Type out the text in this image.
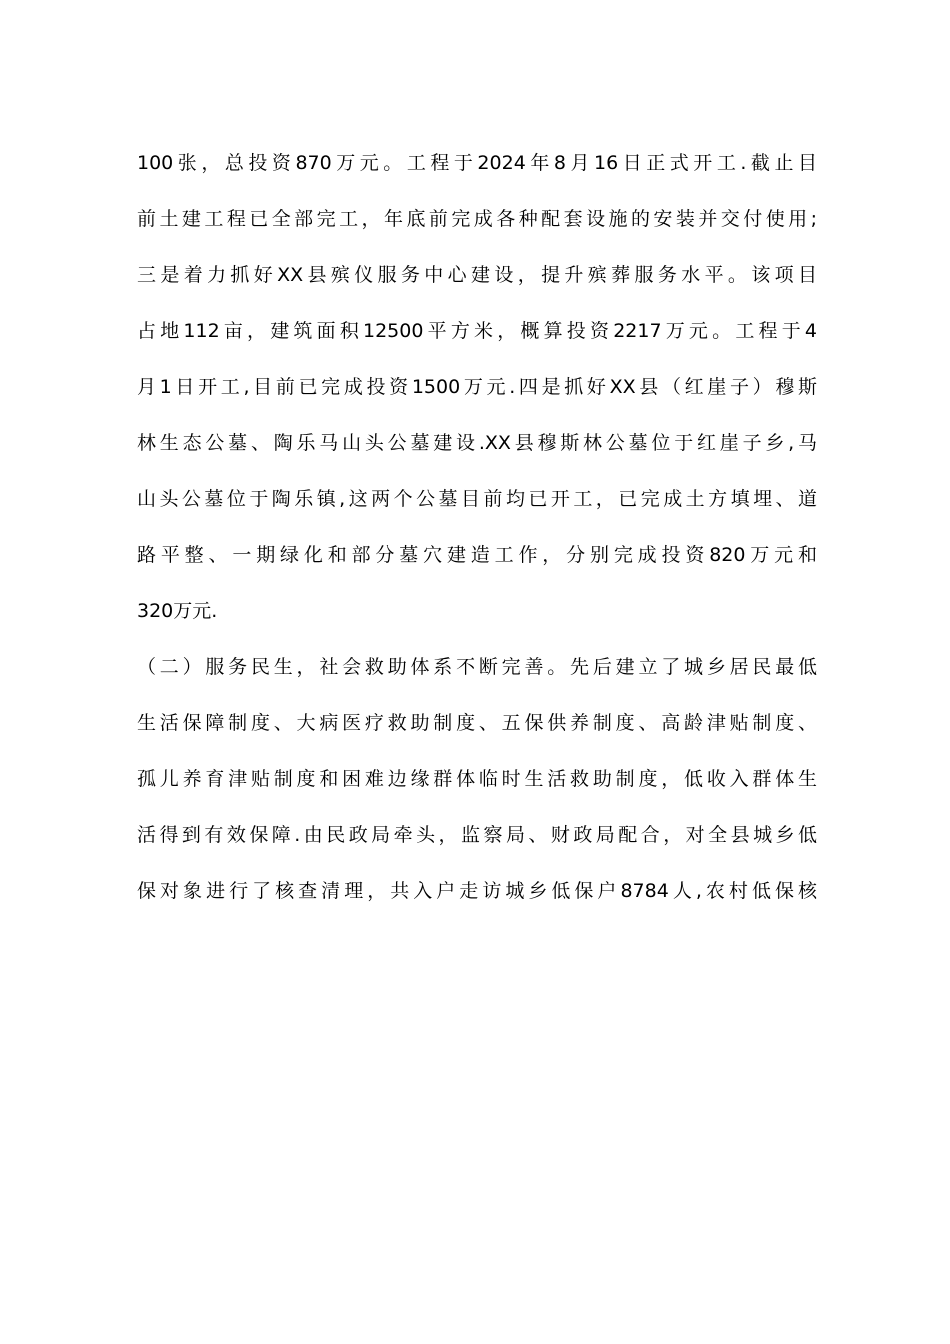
100张，总投资870万元。工程于2024年8月16日正式开工.截止目
前土建工程已全部完工，年底前完成各种配套设施的安装并交付使用;
三是着力抓好XX县殡仪服务中心建设，提升殡葬服务水平。该项目
占地112亩，建筑面积12500平方米，概算投资2217万元。工程于4
月1日开工,目前已完成投资1500万元.四是抓好XX县（红崖子）穆斯
林生态公墓、陶乐马山头公墓建设.XX县穆斯林公墓位于红崖子乡,马
山头公墓位于陶乐镇,这两个公墓目前均已开工，已完成土方填埋、道
路平整、一期绿化和部分墓穴建造工作，分别完成投资820万元和
320万元.
（二）服务民生，社会救助体系不断完善。先后建立了城乡居民最低
生活保障制度、大病医疗救助制度、五保供养制度、高龄津贴制度、
孤儿养育津贴制度和困难边缘群体临时生活救助制度，低收入群体生
活得到有效保障.由民政局牵头，监察局、财政局配合，对全县城乡低
保对象进行了核查清理，共入户走访城乡低保户8784人,农村低保核
